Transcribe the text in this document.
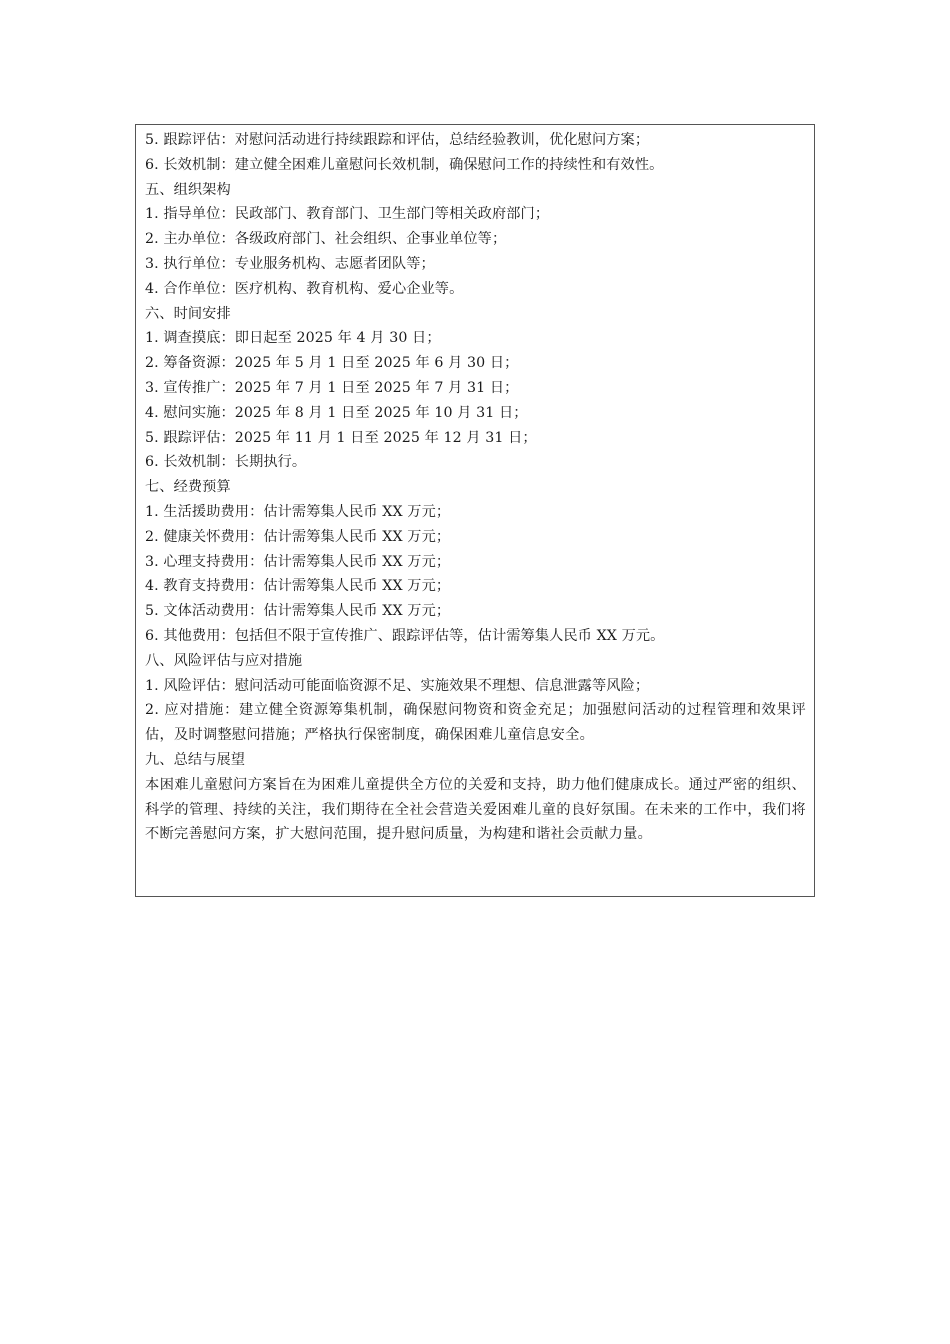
5. 跟踪评估：对慰问活动进行持续跟踪和评估，总结经验教训，优化慰问方案；
6. 长效机制：建立健全困难儿童慰问长效机制，确保慰问工作的持续性和有效性。
五、组织架构
1. 指导单位：民政部门、教育部门、卫生部门等相关政府部门；
2. 主办单位：各级政府部门、社会组织、企事业单位等；
3. 执行单位：专业服务机构、志愿者团队等；
4. 合作单位：医疗机构、教育机构、爱心企业等。
六、时间安排
1. 调查摸底：即日起至 2025 年 4 月 30 日；
2. 筹备资源：2025 年 5 月 1 日至 2025 年 6 月 30 日；
3. 宣传推广：2025 年 7 月 1 日至 2025 年 7 月 31 日；
4. 慰问实施：2025 年 8 月 1 日至 2025 年 10 月 31 日；
5. 跟踪评估：2025 年 11 月 1 日至 2025 年 12 月 31 日；
6. 长效机制：长期执行。
七、经费预算
1. 生活援助费用：估计需筹集人民币 XX 万元；
2. 健康关怀费用：估计需筹集人民币 XX 万元；
3. 心理支持费用：估计需筹集人民币 XX 万元；
4. 教育支持费用：估计需筹集人民币 XX 万元；
5. 文体活动费用：估计需筹集人民币 XX 万元；
6. 其他费用：包括但不限于宣传推广、跟踪评估等，估计需筹集人民币 XX 万元。
八、风险评估与应对措施
1. 风险评估：慰问活动可能面临资源不足、实施效果不理想、信息泄露等风险；
2. 应对措施：建立健全资源筹集机制，确保慰问物资和资金充足；加强慰问活动的过程管理和效果评估，及时调整慰问措施；严格执行保密制度，确保困难儿童信息安全。
九、总结与展望
本困难儿童慰问方案旨在为困难儿童提供全方位的关爱和支持，助力他们健康成长。通过严密的组织、科学的管理、持续的关注，我们期待在全社会营造关爱困难儿童的良好氛围。在未来的工作中，我们将不断完善慰问方案，扩大慰问范围，提升慰问质量，为构建和谐社会贡献力量。
